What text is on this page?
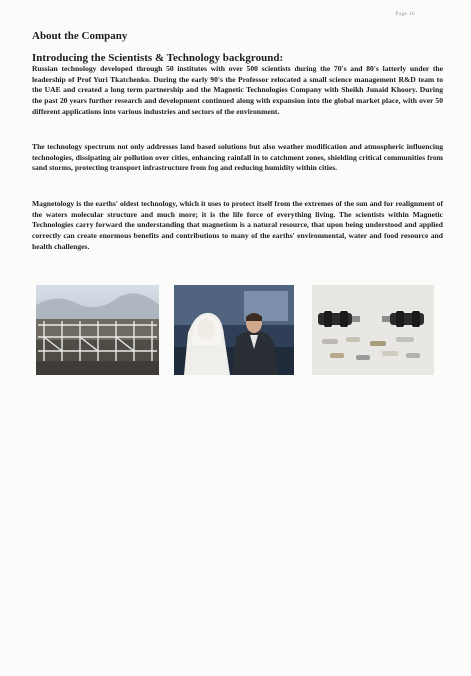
Page 10
About the Company
Introducing the Scientists & Technology background:

Russian technology developed through 50 institutes with over 500 scientists during the 70's and 80's latterly under the leadership of Prof Yuri Tkatchenko. During the early 90's the Professor relocated a small science management R&D team to the UAE and created a long term partnership and the Magnetic Technologies Company with Sheikh Junaid Khoory. During the past 20 years further research and development continued along with expansion into the global market place, with over 50 different applications into various industries and sectors of the environment.

The technology spectrum not only addresses land based solutions but also weather modification and atmospheric influencing technologies, dissipating air pollution over cities, enhancing rainfall in to catchment zones, shielding critical communities from sand storms, protecting transport infrastructure from fog and reducing humidity within cities.

Magnetology is the earths' oldest technology, which it uses to protect itself from the extremes of the sun and for realignment of the waters molecular structure and much more; it is the life force of everything living. The scientists within Magnetic Technologies carry forward the understanding that magnetism is a natural resource, that upon being understood and applied correctly can create enormous benefits and contributions to many of the earths' environmental, water and food resource and health challenges.
